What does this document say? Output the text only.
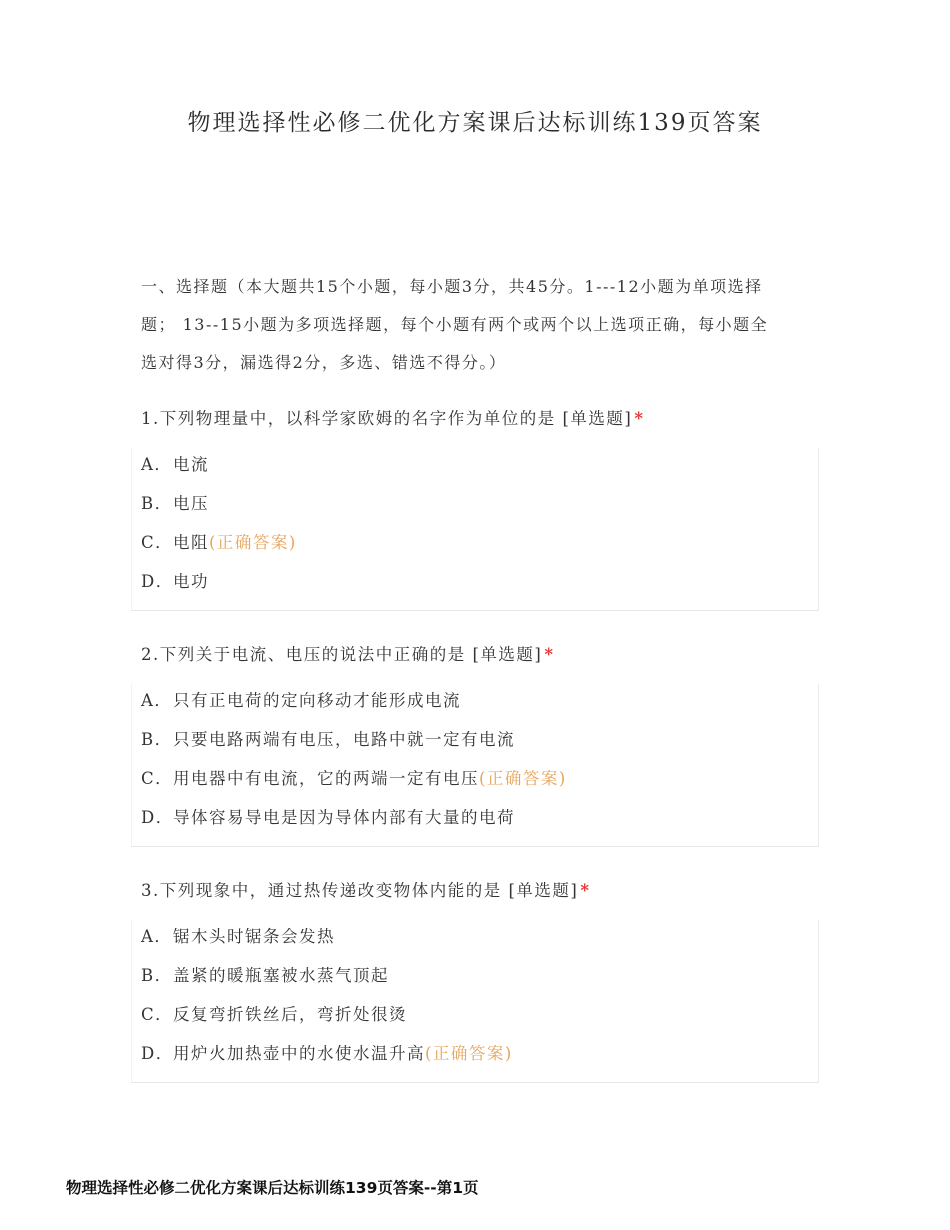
物理选择性必修二优化方案课后达标训练139页答案
一、选择题（本大题共15个小题，每小题3分，共45分。1---12小题为单项选择
题； 13--15小题为多项选择题，每个小题有两个或两个以上选项正确，每小题全
选对得3分，漏选得2分，多选、错选不得分。）
1.下列物理量中，以科学家欧姆的名字作为单位的是 [单选题] *
A．电流
B．电压
C．电阻(正确答案)
D．电功
2.下列关于电流、电压的说法中正确的是 [单选题] *
A．只有正电荷的定向移动才能形成电流
B．只要电路两端有电压，电路中就一定有电流
C．用电器中有电流，它的两端一定有电压(正确答案)
D．导体容易导电是因为导体内部有大量的电荷
3.下列现象中，通过热传递改变物体内能的是 [单选题] *
A．锯木头时锯条会发热
B．盖紧的暖瓶塞被水蒸气顶起
C．反复弯折铁丝后，弯折处很烫
D．用炉火加热壶中的水使水温升高(正确答案)
物理选择性必修二优化方案课后达标训练139页答案--第1页
